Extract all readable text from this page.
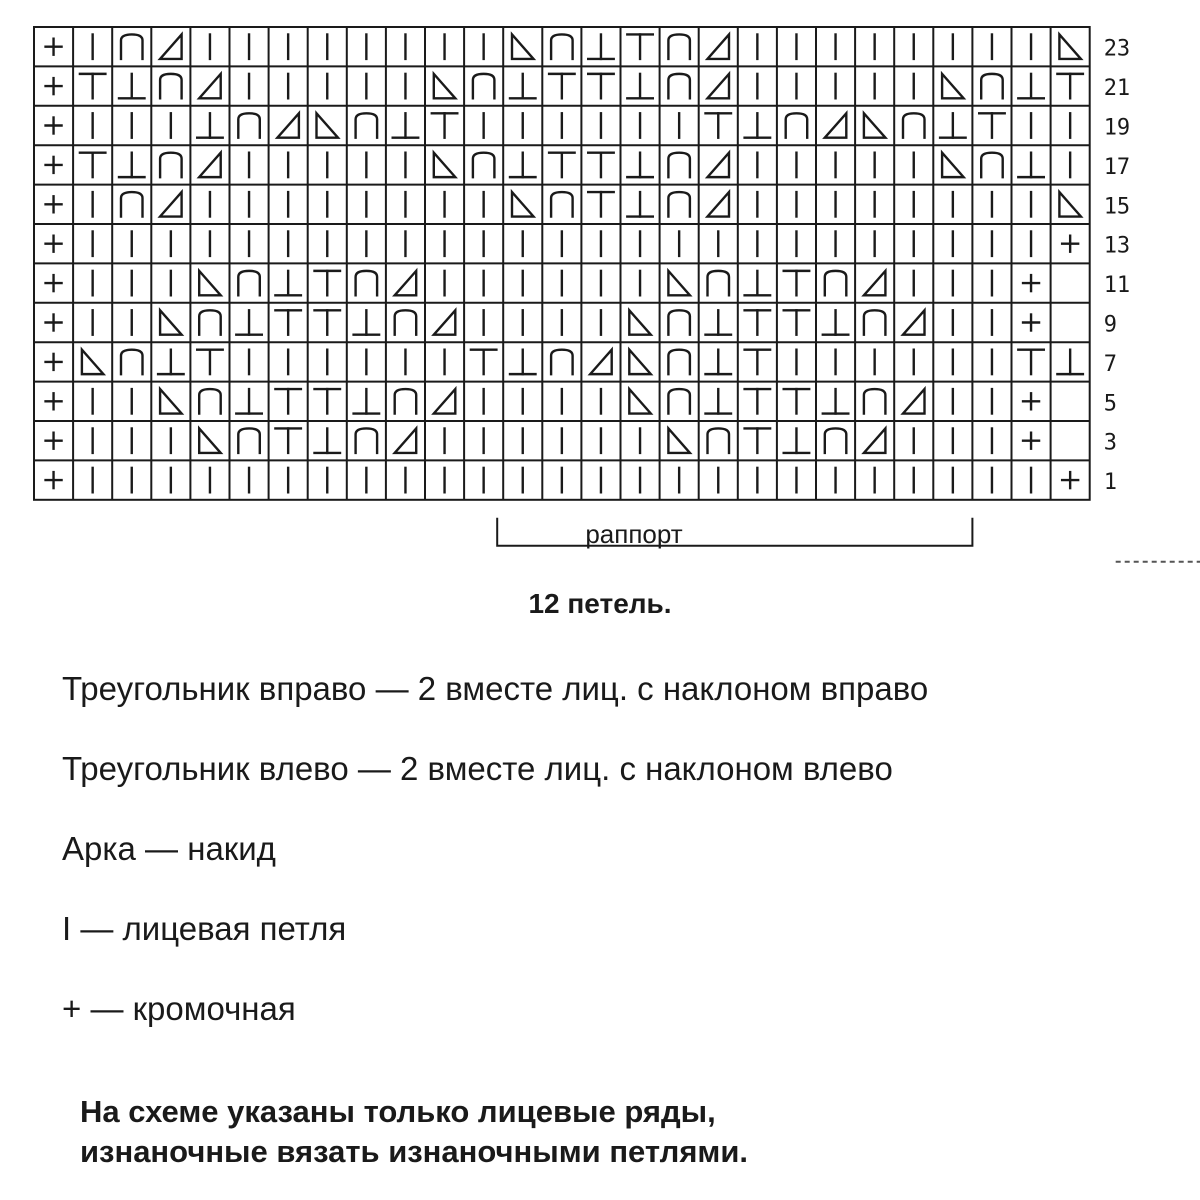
23
21
19
17
15
13
11
9
7
5
3
1
раппорт
12 петель.
Треугольник вправо — 2 вместе лиц. с наклоном вправо
Треугольник влево — 2 вместе лиц. с наклоном влево
Арка — накид
I — лицевая петля
+ — кромочная
На схеме указаны только лицевые ряды,
изнаночные вязать изнаночными петлями.
